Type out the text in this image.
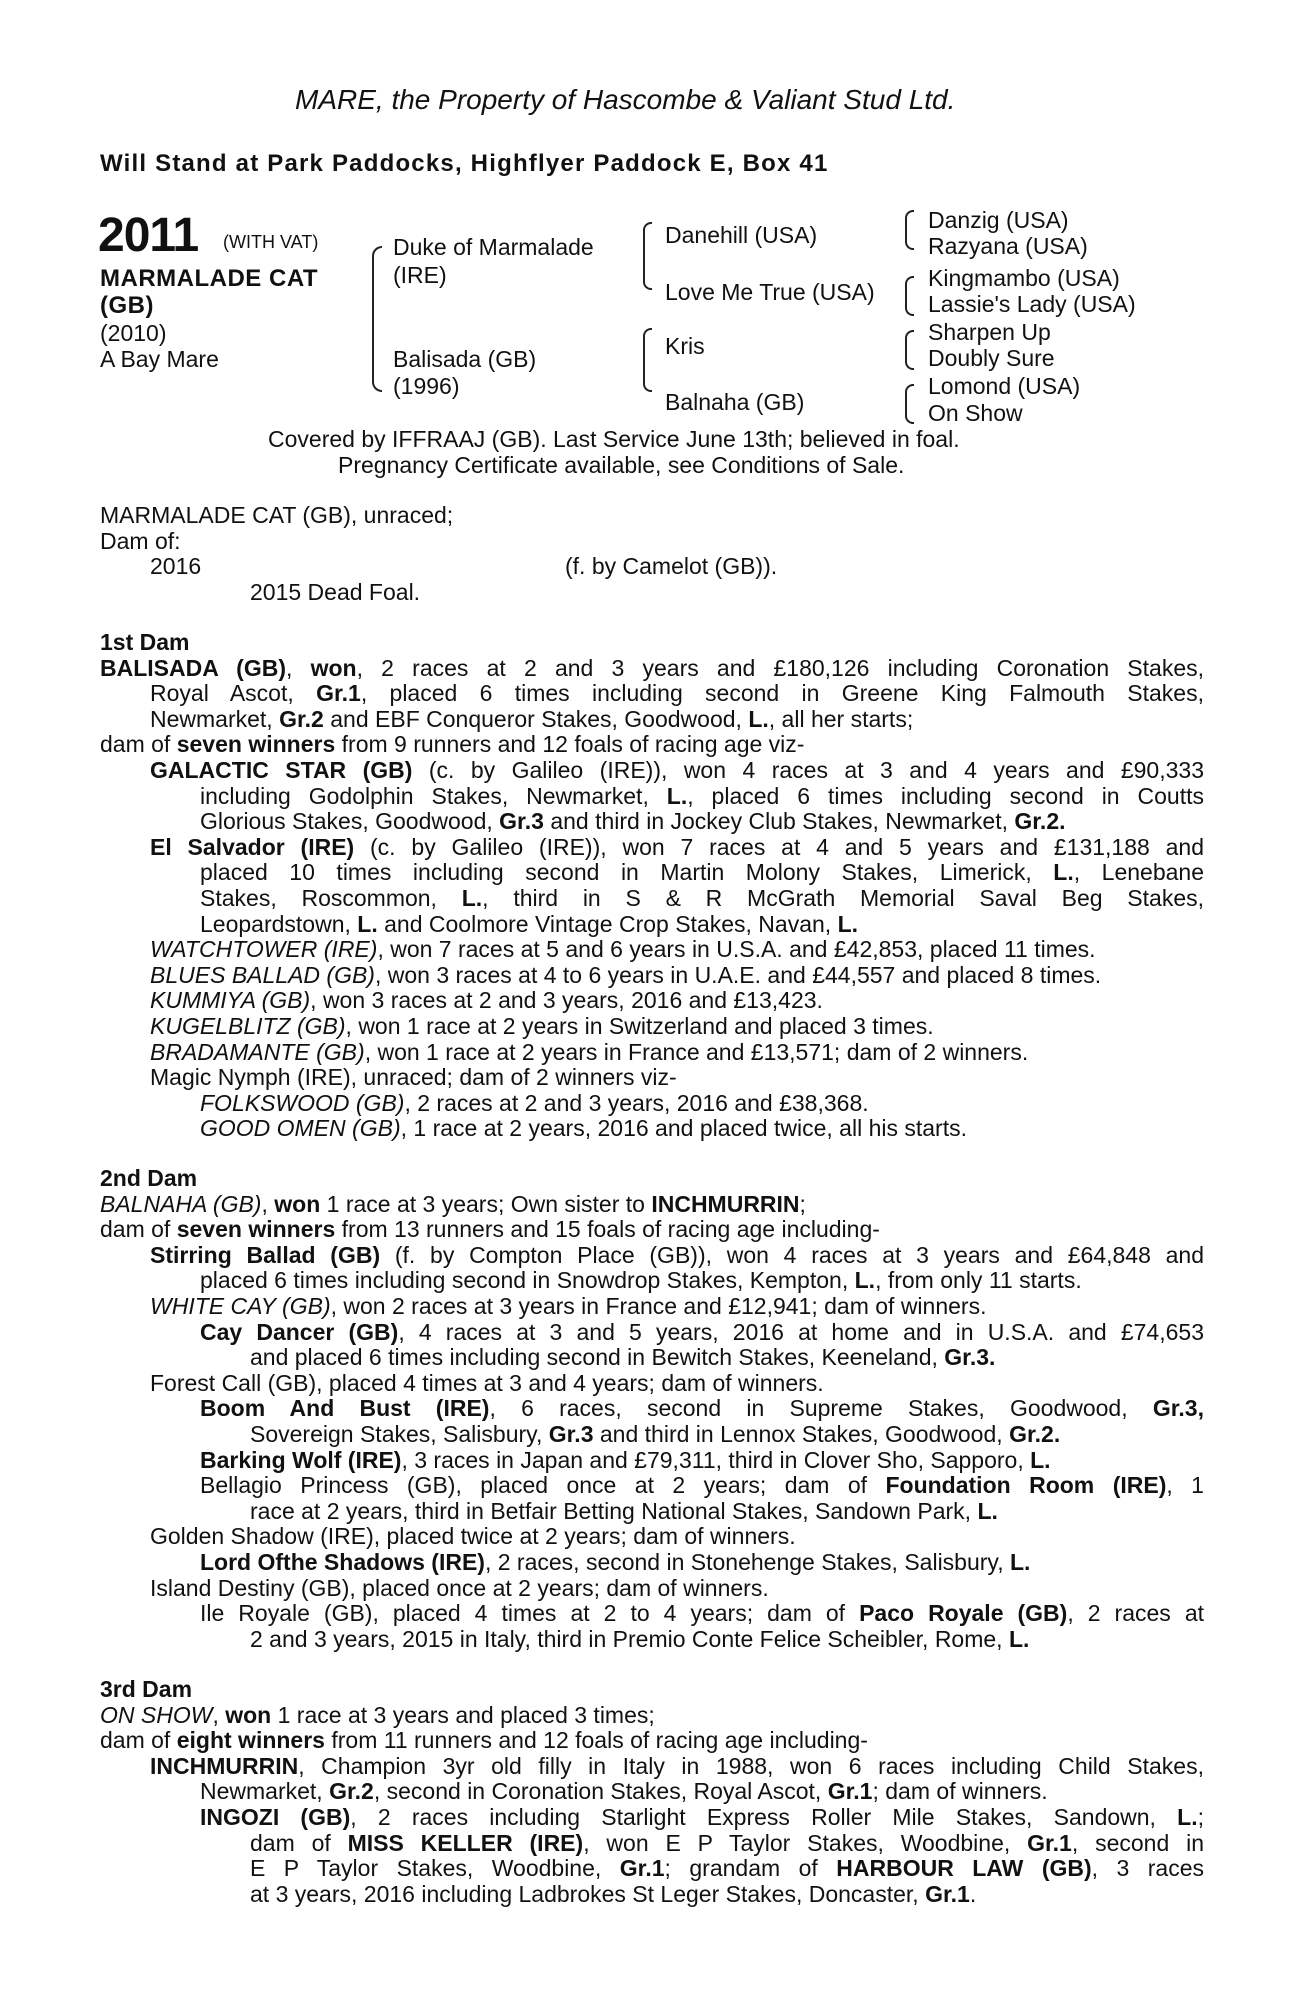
MARE, the Property of Hascombe & Valiant Stud Ltd.
Will Stand at Park Paddocks, Highflyer Paddock E, Box 41
2011 (WITH VAT)
MARMALADE CAT
(GB)
(2010)
A Bay Mare
Duke of Marmalade
(IRE)
Balisada (GB)
(1996)
Danehill (USA)
Love Me True (USA)
Kris
Balnaha (GB)
Danzig (USA)
Razyana (USA)
Kingmambo (USA)
Lassie's Lady (USA)
Sharpen Up
Doubly Sure
Lomond (USA)
On Show
Covered by IFFRAAJ (GB). Last Service June 13th; believed in foal.
Pregnancy Certificate available, see Conditions of Sale.
MARMALADE CAT (GB), unraced;
Dam of:
2016	(f. by Camelot (GB)).
2015 Dead Foal.
1st Dam
BALISADA (GB), won, 2 races at 2 and 3 years and £180,126 including Coronation Stakes,
Royal Ascot, Gr.1, placed 6 times including second in Greene King Falmouth Stakes,
Newmarket, Gr.2 and EBF Conqueror Stakes, Goodwood, L., all her starts;
dam of seven winners from 9 runners and 12 foals of racing age viz-
GALACTIC STAR (GB) (c. by Galileo (IRE)), won 4 races at 3 and 4 years and £90,333
including Godolphin Stakes, Newmarket, L., placed 6 times including second in Coutts
Glorious Stakes, Goodwood, Gr.3 and third in Jockey Club Stakes, Newmarket, Gr.2.
El Salvador (IRE) (c. by Galileo (IRE)), won 7 races at 4 and 5 years and £131,188 and
placed 10 times including second in Martin Molony Stakes, Limerick, L., Lenebane
Stakes, Roscommon, L., third in S & R McGrath Memorial Saval Beg Stakes,
Leopardstown, L. and Coolmore Vintage Crop Stakes, Navan, L.
WATCHTOWER (IRE), won 7 races at 5 and 6 years in U.S.A. and £42,853, placed 11 times.
BLUES BALLAD (GB), won 3 races at 4 to 6 years in U.A.E. and £44,557 and placed 8 times.
KUMMIYA (GB), won 3 races at 2 and 3 years, 2016 and £13,423.
KUGELBLITZ (GB), won 1 race at 2 years in Switzerland and placed 3 times.
BRADAMANTE (GB), won 1 race at 2 years in France and £13,571; dam of 2 winners.
Magic Nymph (IRE), unraced; dam of 2 winners viz-
FOLKSWOOD (GB), 2 races at 2 and 3 years, 2016 and £38,368.
GOOD OMEN (GB), 1 race at 2 years, 2016 and placed twice, all his starts.
2nd Dam
BALNAHA (GB), won 1 race at 3 years; Own sister to INCHMURRIN;
dam of seven winners from 13 runners and 15 foals of racing age including-
Stirring Ballad (GB) (f. by Compton Place (GB)), won 4 races at 3 years and £64,848 and
placed 6 times including second in Snowdrop Stakes, Kempton, L., from only 11 starts.
WHITE CAY (GB), won 2 races at 3 years in France and £12,941; dam of winners.
Cay Dancer (GB), 4 races at 3 and 5 years, 2016 at home and in U.S.A. and £74,653
and placed 6 times including second in Bewitch Stakes, Keeneland, Gr.3.
Forest Call (GB), placed 4 times at 3 and 4 years; dam of winners.
Boom And Bust (IRE), 6 races, second in Supreme Stakes, Goodwood, Gr.3,
Sovereign Stakes, Salisbury, Gr.3 and third in Lennox Stakes, Goodwood, Gr.2.
Barking Wolf (IRE), 3 races in Japan and £79,311, third in Clover Sho, Sapporo, L.
Bellagio Princess (GB), placed once at 2 years; dam of Foundation Room (IRE), 1
race at 2 years, third in Betfair Betting National Stakes, Sandown Park, L.
Golden Shadow (IRE), placed twice at 2 years; dam of winners.
Lord Ofthe Shadows (IRE), 2 races, second in Stonehenge Stakes, Salisbury, L.
Island Destiny (GB), placed once at 2 years; dam of winners.
Ile Royale (GB), placed 4 times at 2 to 4 years; dam of Paco Royale (GB), 2 races at
2 and 3 years, 2015 in Italy, third in Premio Conte Felice Scheibler, Rome, L.
3rd Dam
ON SHOW, won 1 race at 3 years and placed 3 times;
dam of eight winners from 11 runners and 12 foals of racing age including-
INCHMURRIN, Champion 3yr old filly in Italy in 1988, won 6 races including Child Stakes,
Newmarket, Gr.2, second in Coronation Stakes, Royal Ascot, Gr.1; dam of winners.
INGOZI (GB), 2 races including Starlight Express Roller Mile Stakes, Sandown, L.;
dam of MISS KELLER (IRE), won E P Taylor Stakes, Woodbine, Gr.1, second in
E P Taylor Stakes, Woodbine, Gr.1; grandam of HARBOUR LAW (GB), 3 races
at 3 years, 2016 including Ladbrokes St Leger Stakes, Doncaster, Gr.1.
